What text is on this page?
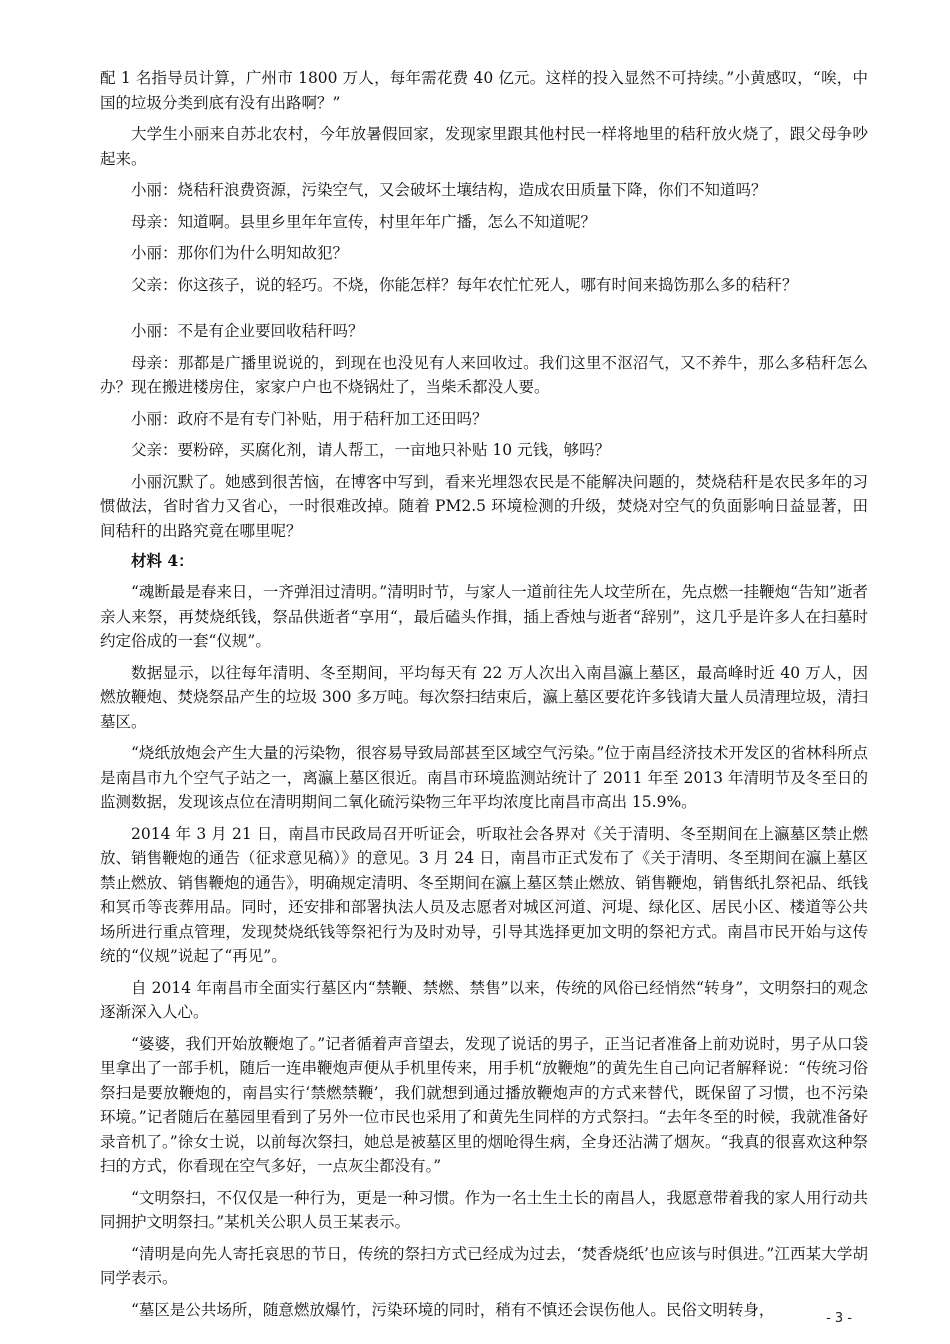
配 1 名指导员计算，广州市 1800 万人，每年需花费 40 亿元。这样的投入显然不可持续。”小黄感叹，“唉，中国的垃圾分类到底有没有出路啊？”

大学生小丽来自苏北农村，今年放暑假回家，发现家里跟其他村民一样将地里的秸秆放火烧了，跟父母争吵起来。

小丽：烧秸秆浪费资源，污染空气，又会破坏土壤结构，造成农田质量下降，你们不知道吗？

母亲：知道啊。县里乡里年年宣传，村里年年广播，怎么不知道呢？

小丽：那你们为什么明知故犯？

父亲：你这孩子，说的轻巧。不烧，你能怎样？每年农忙忙死人，哪有时间来捣饬那么多的秸秆？

小丽：不是有企业要回收秸秆吗？

母亲：那都是广播里说说的，到现在也没见有人来回收过。我们这里不沤沼气，又不养牛，那么多秸秆怎么办？现在搬进楼房住，家家户户也不烧锅灶了，当柴禾都没人要。

小丽：政府不是有专门补贴，用于秸秆加工还田吗？

父亲：要粉碎，买腐化剂，请人帮工，一亩地只补贴 10 元钱，够吗？

小丽沉默了。她感到很苦恼，在博客中写到，看来光埋怨农民是不能解决问题的，焚烧秸秆是农民多年的习惯做法，省时省力又省心，一时很难改掉。随着 PM2.5 环境检测的升级，焚烧对空气的负面影响日益显著，田间秸秆的出路究竟在哪里呢？

材料 4：

“魂断最是春来日，一齐弹泪过清明。”清明时节，与家人一道前往先人坟茔所在，先点燃一挂鞭炮“告知”逝者亲人来祭，再焚烧纸钱，祭品供逝者“享用“，最后磕头作揖，插上香烛与逝者“辞别”，这几乎是许多人在扫墓时约定俗成的一套“仪规”。

数据显示，以往每年清明、冬至期间，平均每天有 22 万人次出入南昌瀛上墓区，最高峰时近 40 万人，因燃放鞭炮、焚烧祭品产生的垃圾 300 多万吨。每次祭扫结束后，瀛上墓区要花许多钱请大量人员清理垃圾，清扫墓区。

“烧纸放炮会产生大量的污染物，很容易导致局部甚至区域空气污染。”位于南昌经济技术开发区的省林科所点是南昌市九个空气子站之一，离瀛上墓区很近。南昌市环境监测站统计了 2011 年至 2013 年清明节及冬至日的监测数据，发现该点位在清明期间二氧化硫污染物三年平均浓度比南昌市高出 15.9%。

2014 年 3 月 21 日，南昌市民政局召开听证会，听取社会各界对《关于清明、冬至期间在上瀛墓区禁止燃放、销售鞭炮的通告（征求意见稿）》的意见。3 月 24 日，南昌市正式发布了《关于清明、冬至期间在瀛上墓区禁止燃放、销售鞭炮的通告》，明确规定清明、冬至期间在瀛上墓区禁止燃放、销售鞭炮，销售纸扎祭祀品、纸钱和冥币等丧葬用品。同时，还安排和部署执法人员及志愿者对城区河道、河堤、绿化区、居民小区、楼道等公共场所进行重点管理，发现焚烧纸钱等祭祀行为及时劝导，引导其选择更加文明的祭祀方式。南昌市民开始与这传统的“仪规”说起了“再见”。

自 2014 年南昌市全面实行墓区内“禁鞭、禁燃、禁售”以来，传统的风俗已经悄然“转身”，文明祭扫的观念逐渐深入人心。

“婆婆，我们开始放鞭炮了。”记者循着声音望去，发现了说话的男子，正当记者准备上前劝说时，男子从口袋里拿出了一部手机，随后一连串鞭炮声便从手机里传来，用手机“放鞭炮”的黄先生自己向记者解释说：“传统习俗祭扫是要放鞭炮的，南昌实行‘禁燃禁鞭’，我们就想到通过播放鞭炮声的方式来替代，既保留了习惯，也不污染环境。”记者随后在墓园里看到了另外一位市民也采用了和黄先生同样的方式祭扫。“去年冬至的时候，我就准备好录音机了。”徐女士说，以前每次祭扫，她总是被墓区里的烟呛得生病，全身还沾满了烟灰。“我真的很喜欢这种祭扫的方式，你看现在空气多好，一点灰尘都没有。”

“文明祭扫，不仅仅是一种行为，更是一种习惯。作为一名土生土长的南昌人，我愿意带着我的家人用行动共同拥护文明祭扫。”某机关公职人员王某表示。

“清明是向先人寄托哀思的节日，传统的祭扫方式已经成为过去，‘焚香烧纸’也应该与时俱进。”江西某大学胡同学表示。

“墓区是公共场所，随意燃放爆竹，污染环境的同时，稍有不慎还会误伤他人。民俗文明转身，	- 3 -
